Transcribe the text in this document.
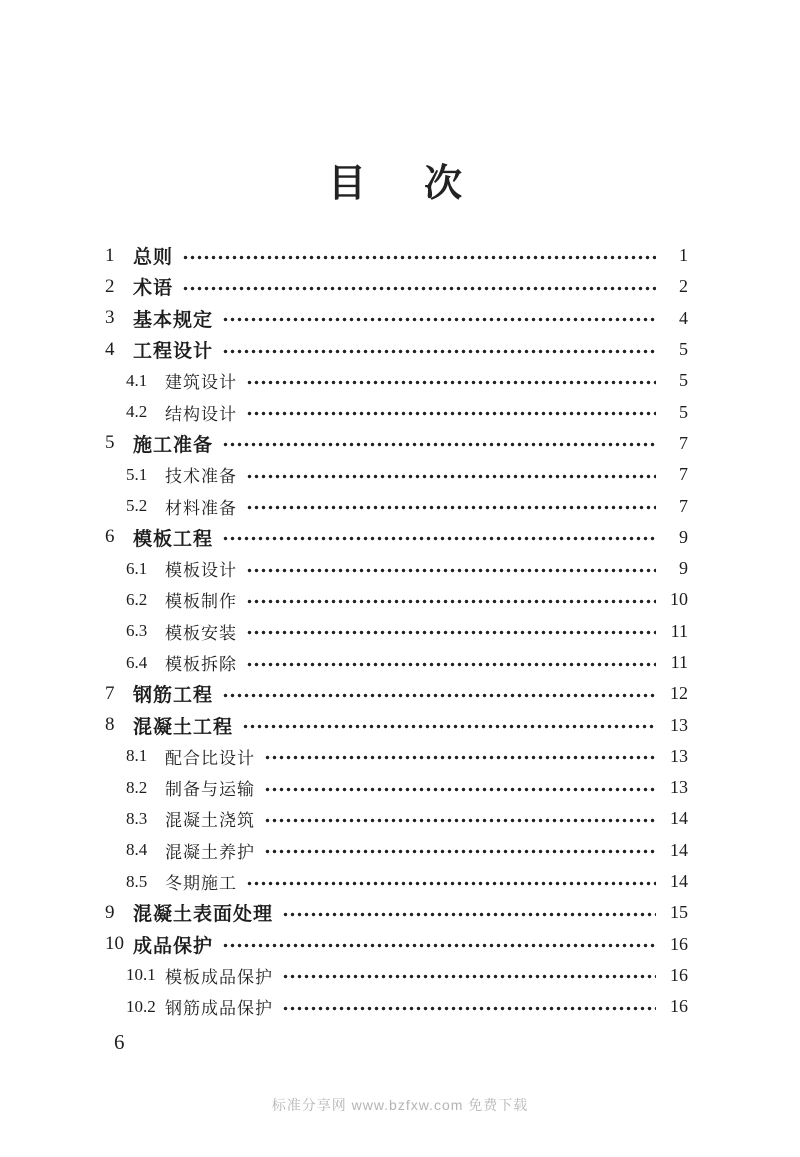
目　次
1 总则	1
2 术语	2
3 基本规定	4
4 工程设计	5
4.1	建筑设计	5
4.2	结构设计	5
5 施工准备	7
5.1	技术准备	7
5.2	材料准备	7
6 模板工程	9
6.1	模板设计	9
6.2	模板制作	10
6.3	模板安装	11
6.4	模板拆除	11
7 钢筋工程	12
8 混凝土工程	13
8.1	配合比设计	13
8.2	制备与运输	13
8.3	混凝土浇筑	14
8.4	混凝土养护	14
8.5	冬期施工	14
9 混凝土表面处理	15
10 成品保护	16
10.1 模板成品保护	16
10.2 钢筋成品保护	16
6
标准分享网 www.bzfxw.com 免费下载
